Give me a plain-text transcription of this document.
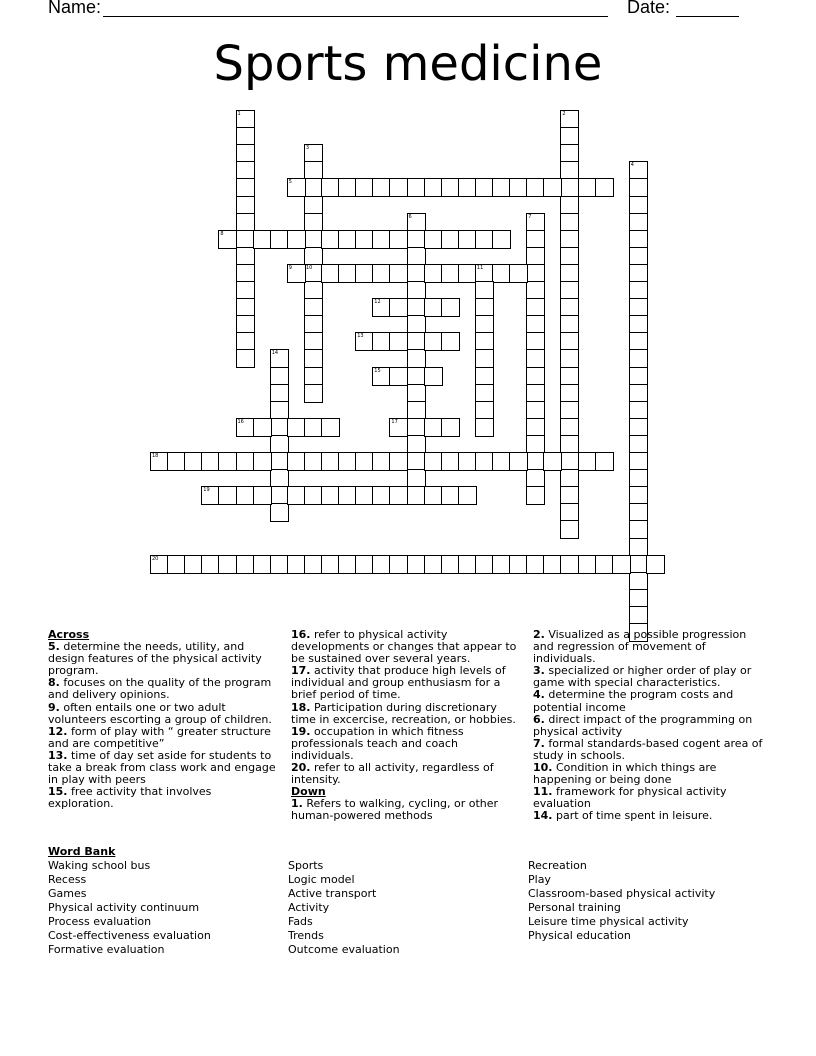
Name:	Date:
Sports medicine
1	2
3
10
4
5
6	7
8
9	11
12
13
14
15
16	17
18
19
20
Across
5. determine the needs, utility, and design features of the physical activity program.
8. focuses on the quality of the program and delivery opinions.
9. often entails one or two adult volunteers escorting a group of children.
12. form of play with “ greater structure and are competitive”
13. time of day set aside for students to take a break from class work and engage in play with peers
15. free activity that involves exploration.
16. refer to physical activity developments or changes that appear to be sustained over several years.
17. activity that produce high levels of individual and group enthusiasm for a brief period of time.
18. Participation during discretionary time in excercise, recreation, or hobbies.
19. occupation in which fitness professionals teach and coach individuals.
20. refer to all activity, regardless of intensity.
Down
1. Refers to walking, cycling, or other human-powered methods
2. Visualized as a possible progression and regression of movement of individuals.
3. specialized or higher order of play or game with special characteristics.
4. determine the program costs and potential income
6. direct impact of the programming on physical activity
7. formal standards-based cogent area of study in schools.
10. Condition in which things are happening or being done
11. framework for physical activity evaluation
14. part of time spent in leisure.
Word Bank
Waking school bus
Recess
Games
Physical activity continuum
Process evaluation
Cost-effectiveness evaluation
Formative evaluation
Sports
Logic model
Active transport
Activity
Fads
Trends
Outcome evaluation
Recreation
Play
Classroom-based physical activity
Personal training
Leisure time physical activity
Physical education
